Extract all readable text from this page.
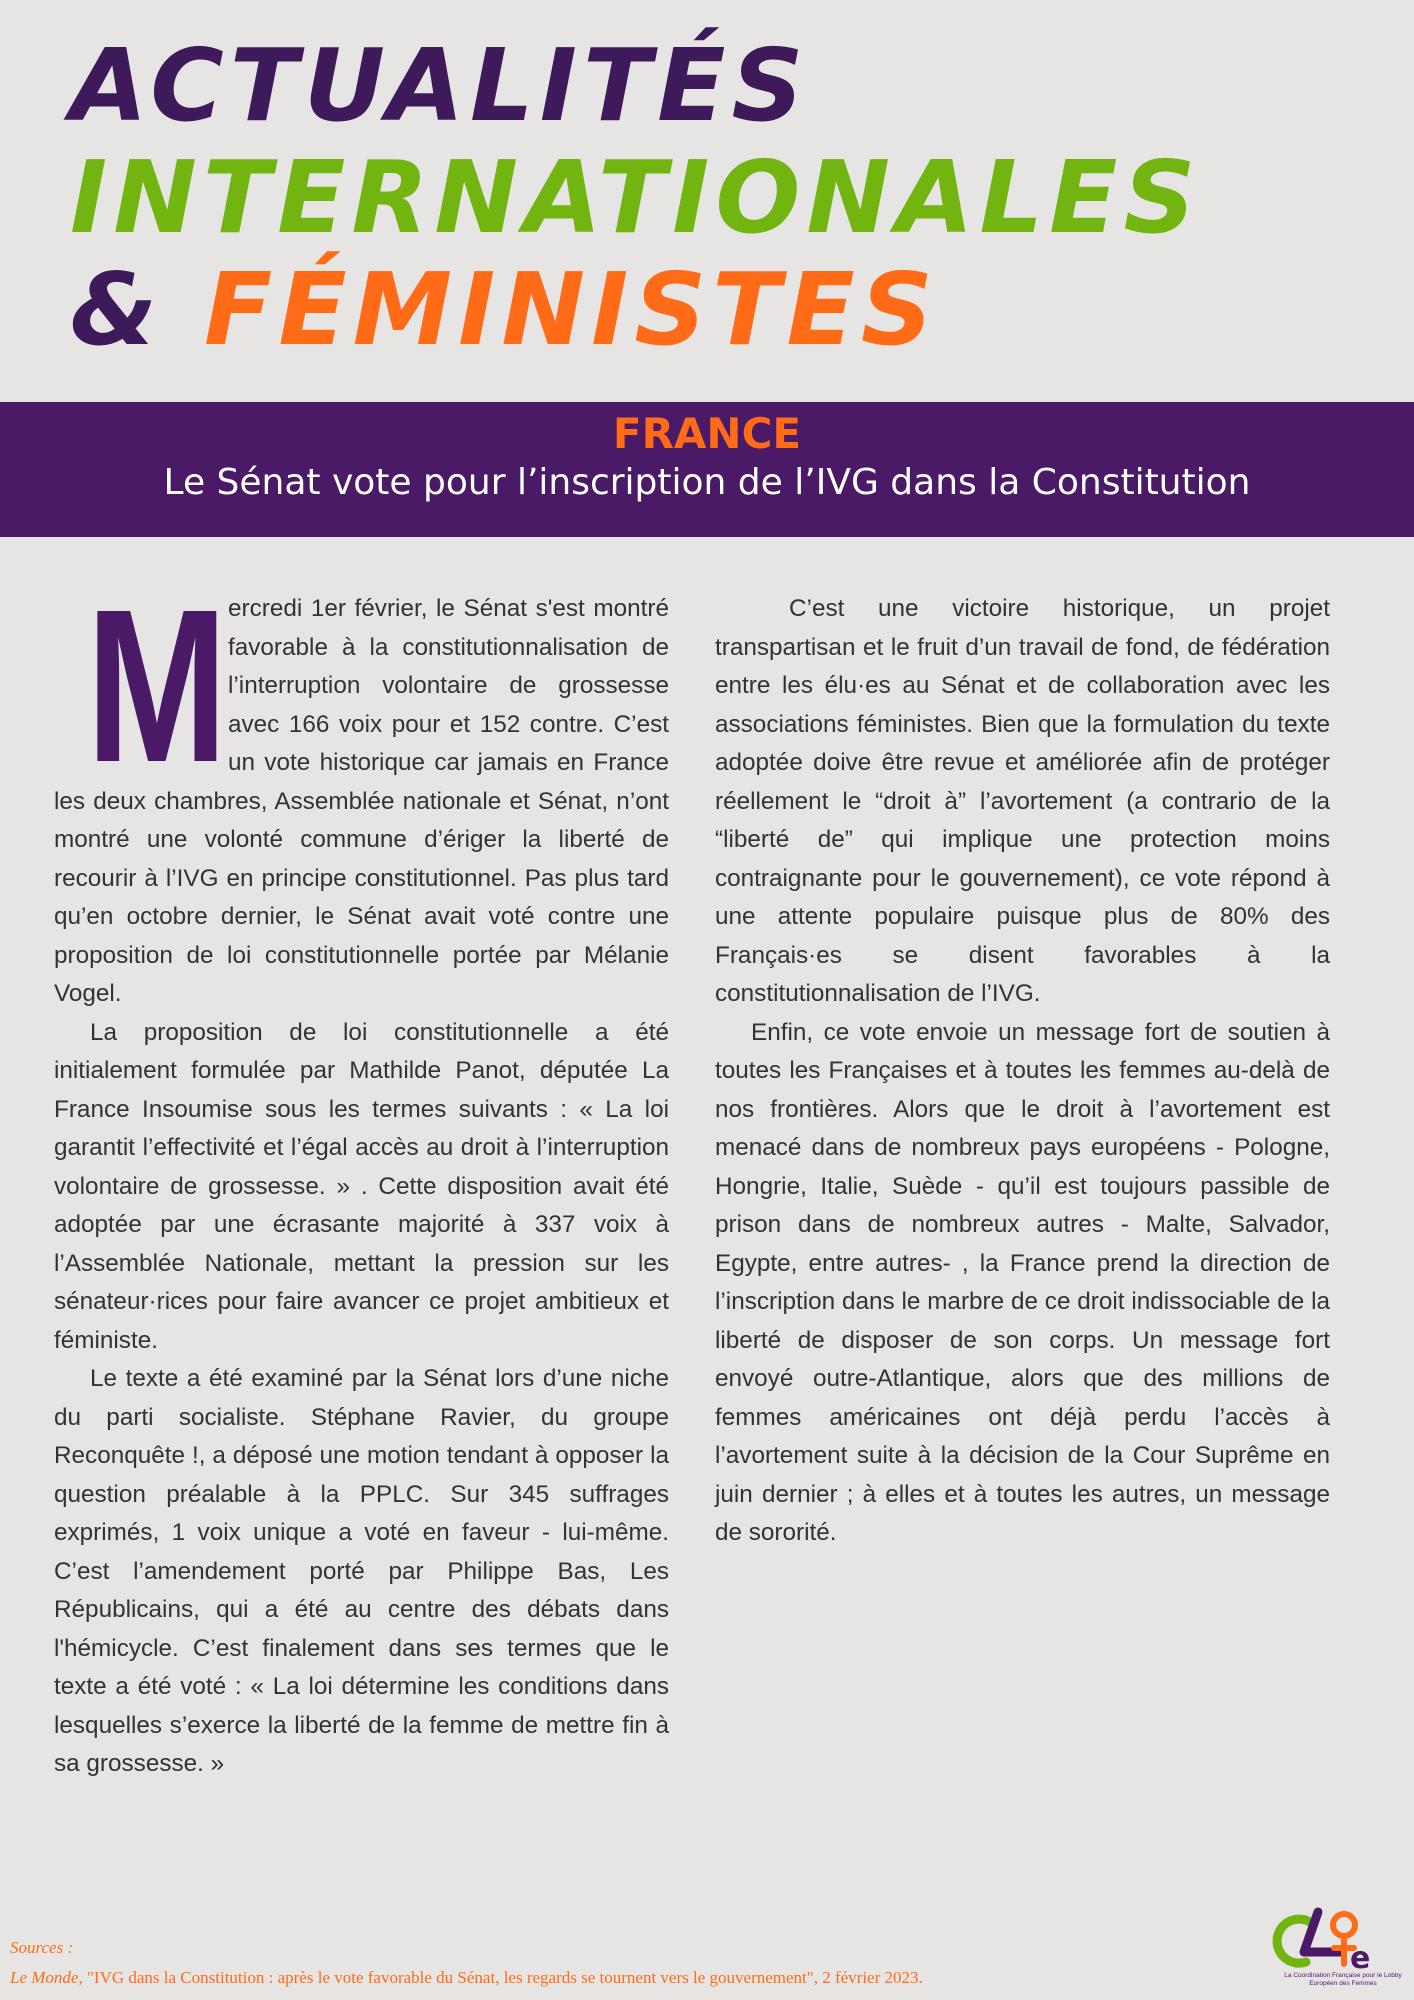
ACTUALITÉS
INTERNATIONALES
& FÉMINISTES
FRANCE
Le Sénat vote pour l’inscription de l’IVG dans la Constitution

Mercredi 1er février, le Sénat s'est montré favorable à la constitutionnalisation de l’interruption volontaire de grossesse avec 166 voix pour et 152 contre. C’est un vote historique car jamais en France les deux chambres, Assemblée nationale et Sénat, n’ont montré une volonté commune d’ériger la liberté de recourir à l’IVG en principe constitutionnel. Pas plus tard qu’en octobre dernier, le Sénat avait voté contre une proposition de loi constitutionnelle portée par Mélanie Vogel.

La proposition de loi constitutionnelle a été initialement formulée par Mathilde Panot, députée La France Insoumise sous les termes suivants : « La loi garantit l’effectivité et l’égal accès au droit à l’interruption volontaire de grossesse. » . Cette disposition avait été adoptée par une écrasante majorité à 337 voix à l’Assemblée Nationale, mettant la pression sur les sénateur·rices pour faire avancer ce projet ambitieux et féministe.

Le texte a été examiné par la Sénat lors d’une niche du parti socialiste. Stéphane Ravier, du groupe Reconquête !, a déposé une motion tendant à opposer la question préalable à la PPLC. Sur 345 suffrages exprimés, 1 voix unique a voté en faveur - lui-même. C’est l’amendement porté par Philippe Bas, Les Républicains, qui a été au centre des débats dans l'hémicycle. C’est finalement dans ses termes que le texte a été voté : « La loi détermine les conditions dans lesquelles s’exerce la liberté de la femme de mettre fin à sa grossesse. »

C’est une victoire historique, un projet transpartisan et le fruit d’un travail de fond, de fédération entre les élu·es au Sénat et de collaboration avec les associations féministes. Bien que la formulation du texte adoptée doive être revue et améliorée afin de protéger réellement le “droit à” l’avortement (a contrario de la “liberté de” qui implique une protection moins contraignante pour le gouvernement), ce vote répond à une attente populaire puisque plus de 80% des Français·es se disent favorables à la constitutionnalisation de l’IVG.

Enfin, ce vote envoie un message fort de soutien à toutes les Françaises et à toutes les femmes au-delà de nos frontières. Alors que le droit à l’avortement est menacé dans de nombreux pays européens - Pologne, Hongrie, Italie, Suède - qu’il est toujours passible de prison dans de nombreux autres - Malte, Salvador, Egypte, entre autres- , la France prend la direction de l’inscription dans le marbre de ce droit indissociable de la liberté de disposer de son corps. Un message fort envoyé outre-Atlantique, alors que des millions de femmes américaines ont déjà perdu l’accès à l’avortement suite à la décision de la Cour Suprême en juin dernier ; à elles et à toutes les autres, un message de sororité.

Sources :
Le Monde, "IVG dans la Constitution : après le vote favorable du Sénat, les regards se tournent vers le gouvernement", 2 février 2023.
e
La Coordination Française pour le Lobby Européen des Femmes
